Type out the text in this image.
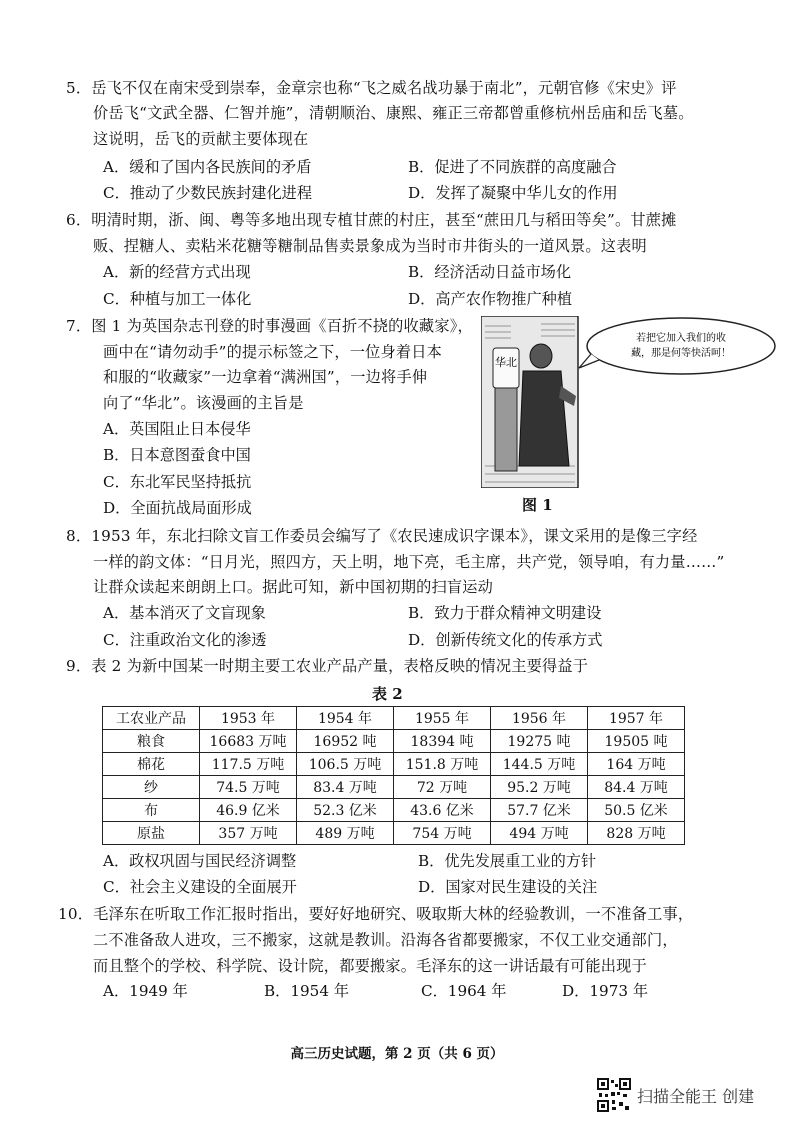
5．岳飞不仅在南宋受到崇奉，金章宗也称“飞之威名战功暴于南北”，元朝官修《宋史》评
价岳飞“文武全器、仁智并施”，清朝顺治、康熙、雍正三帝都曾重修杭州岳庙和岳飞墓。
这说明，岳飞的贡献主要体现在
A．缓和了国内各民族间的矛盾	B．促进了不同族群的高度融合
C．推动了少数民族封建化进程	D．发挥了凝聚中华儿女的作用
6．明清时期，浙、闽、粤等多地出现专植甘蔗的村庄，甚至“蔗田几与稻田等矣”。甘蔗摊
贩、捏糖人、卖粘米花糖等糖制品售卖景象成为当时市井街头的一道风景。这表明
A．新的经营方式出现	B．经济活动日益市场化
C．种植与加工一体化	D．高产农作物推广种植
7．图 1 为英国杂志刊登的时事漫画《百折不挠的收藏家》，
画中在“请勿动手”的提示标签之下，一位身着日本
和服的“收藏家”一边拿着“满洲国”，一边将手伸
向了“华北”。该漫画的主旨是
A．英国阻止日本侵华
B．日本意图蚕食中国
C．东北军民坚持抵抗
D．全面抗战局面形成
华北
若把它加入我们的收
藏，那是何等快活呵！
图 1
8．1953 年，东北扫除文盲工作委员会编写了《农民速成识字课本》，课文采用的是像三字经
一样的韵文体：“日月光，照四方，天上明，地下亮，毛主席，共产党，领导咱，有力量……”
让群众读起来朗朗上口。据此可知，新中国初期的扫盲运动
A．基本消灭了文盲现象	B．致力于群众精神文明建设
C．注重政治文化的渗透	D．创新传统文化的传承方式
9．表 2 为新中国某一时期主要工农业产品产量，表格反映的情况主要得益于
表 2
工农业产品	1953 年	1954 年	1955 年	1956 年	1957 年
粮食	16683 万吨	16952 吨	18394 吨	19275 吨	19505 吨
棉花	117.5 万吨	106.5 万吨	151.8 万吨	144.5 万吨	164 万吨
纱	74.5 万吨	83.4 万吨	72 万吨	95.2 万吨	84.4 万吨
布	46.9 亿米	52.3 亿米	43.6 亿米	57.7 亿米	50.5 亿米
原盐	357 万吨	489 万吨	754 万吨	494 万吨	828 万吨
A．政权巩固与国民经济调整	B．优先发展重工业的方针
C．社会主义建设的全面展开	D．国家对民生建设的关注
10．毛泽东在听取工作汇报时指出，要好好地研究、吸取斯大林的经验教训，一不准备工事，
二不准备敌人进攻，三不搬家，这就是教训。沿海各省都要搬家，不仅工业交通部门，
而且整个的学校、科学院、设计院，都要搬家。毛泽东的这一讲话最有可能出现于
A．1949 年	B．1954 年	C．1964 年	D．1973 年
高三历史试题，第 2 页（共 6 页）
扫描全能王 创建
